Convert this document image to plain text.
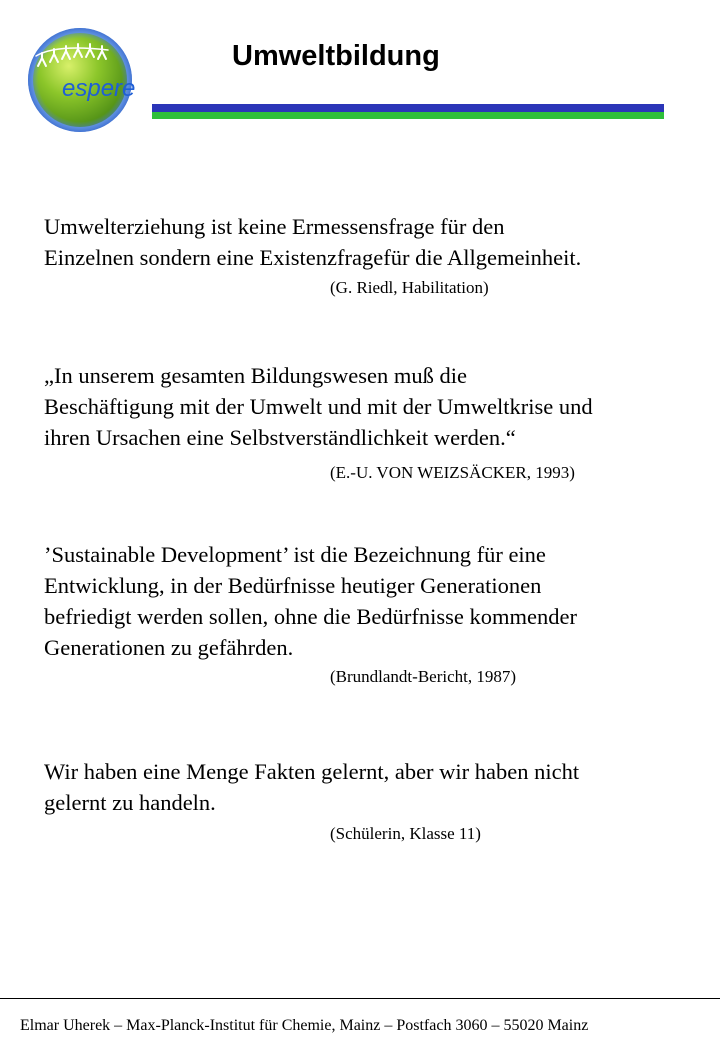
espere
Umweltbildung

Umwelterziehung ist keine Ermessensfrage für den

Einzelnen sondern eine Existenzfragefür die Allgemeinheit.

(G. Riedl, Habilitation)

„In unserem gesamten Bildungswesen muß die

Beschäftigung mit der Umwelt und mit der Umweltkrise und

ihren Ursachen eine Selbstverständlichkeit werden.“

(E.-U. VON WEIZSÄCKER, 1993)

’Sustainable Development’ ist die Bezeichnung für eine

Entwicklung, in der Bedürfnisse heutiger Generationen

befriedigt werden sollen, ohne die Bedürfnisse kommender

Generationen zu gefährden.

(Brundlandt-Bericht, 1987)

Wir haben eine Menge Fakten gelernt, aber wir haben nicht

gelernt zu handeln.

(Schülerin, Klasse 11)
Elmar Uherek – Max-Planck-Institut für Chemie, Mainz – Postfach 3060 – 55020 Mainz
